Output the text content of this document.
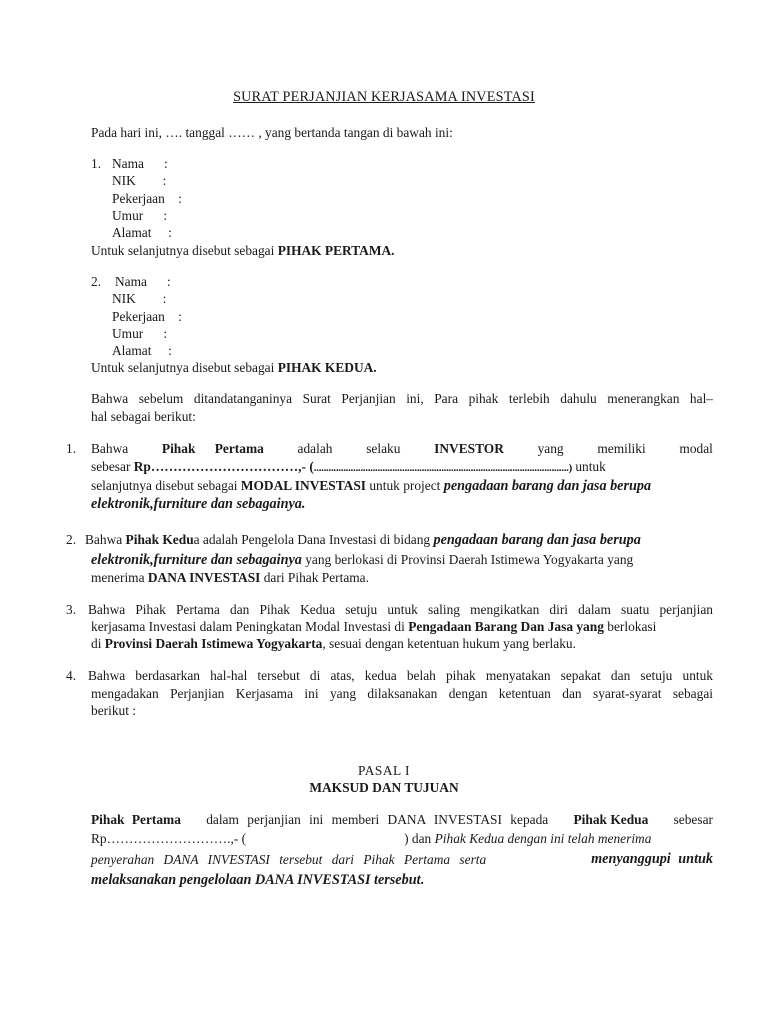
SURAT PERJANJIAN KERJASAMA INVESTASI
Pada hari ini, …. tanggal …… , yang bertanda tangan di bawah ini:
1. Nama      :
NIK        :
Pekerjaan    :
Umur      :
Alamat     :
Untuk selanjutnya disebut sebagai PIHAK PERTAMA.
2. Nama      :
NIK        :
Pekerjaan    :
Umur      :
Alamat     :
Untuk selanjutnya disebut sebagai PIHAK KEDUA.
Bahwa sebelum ditandatanganinya Surat Perjanjian ini, Para pihak terlebih dahulu menerangkan hal–
hal sebagai berikut:
1. Bahwa	Pihak Pertama	adalah	selaku	INVESTOR	yang	memiliki	modal
sebesar Rp……………………………,- (........................................................................................................) untuk
selanjutnya disebut sebagai MODAL INVESTASI untuk project pengadaan barang dan jasa berupa
elektronik,furniture dan sebagainya.
2. Bahwa Pihak Kedua adalah Pengelola Dana Investasi di bidang pengadaan barang dan jasa berupa
elektronik,furniture dan sebagainya yang berlokasi di Provinsi Daerah Istimewa Yogyakarta yang
menerima DANA INVESTASI dari Pihak Pertama.
3. Bahwa Pihak Pertama dan Pihak Kedua setuju untuk saling mengikatkan diri dalam suatu perjanjian
kerjasama Investasi dalam Peningkatan Modal Investasi di Pengadaan Barang Dan Jasa yang berlokasi
di Provinsi Daerah Istimewa Yogyakarta, sesuai dengan ketentuan hukum yang berlaku.
4. Bahwa berdasarkan hal-hal tersebut di atas, kedua belah pihak menyatakan sepakat dan setuju untuk
mengadakan Perjanjian Kerjasama ini yang dilaksanakan dengan ketentuan dan syarat-syarat sebagai
berikut :
PASAL I
MAKSUD DAN TUJUAN
Pihak Pertama dalam perjanjian ini memberi DANA INVESTASI kepada Pihak Kedua sebesar
Rp……………………….,- (	) dan Pihak Kedua dengan ini telah menerima
penyerahan DANA INVESTASI tersebut dari Pihak Pertama serta	menyanggupi untuk
melaksanakan pengelolaan DANA INVESTASI tersebut.
